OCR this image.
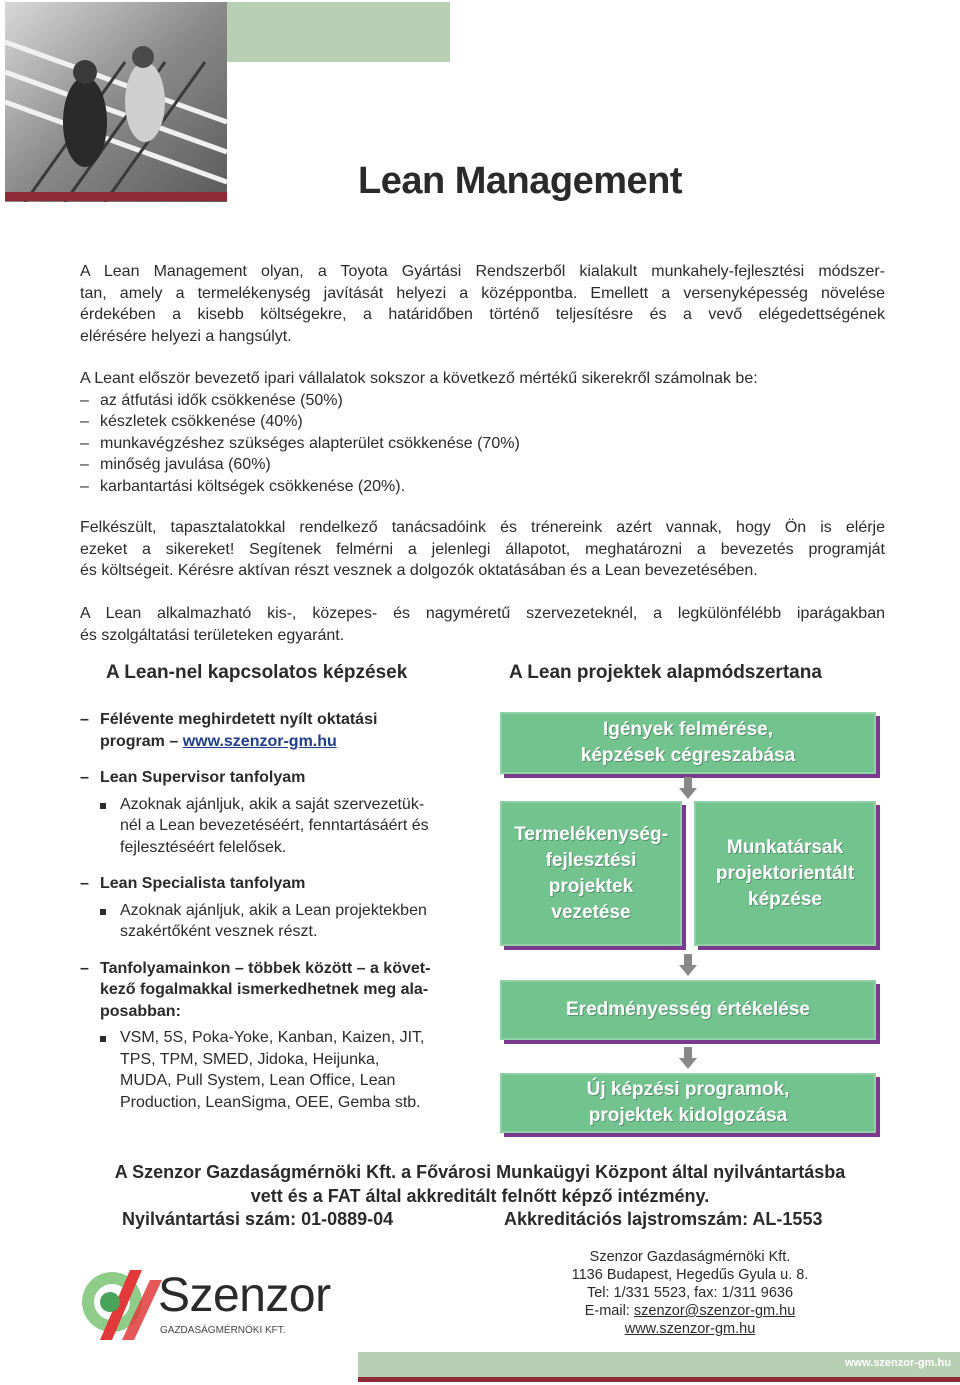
Lean Management
A Lean Management olyan, a Toyota Gyártási Rendszerből kialakult munkahely-fejlesztési módszer-
tan, amely a termelékenység javítását helyezi a középpontba. Emellett a versenyképesség növelése
érdekében a kisebb költségekre, a határidőben történő teljesítésre és a vevő elégedettségének
elérésére helyezi a hangsúlyt.
A Leant először bevezető ipari vállalatok sokszor a következő mértékű sikerekről számolnak be:
– az átfutási idők csökkenése (50%)
– készletek csökkenése (40%)
– munkavégzéshez szükséges alapterület csökkenése (70%)
– minőség javulása (60%)
– karbantartási költségek csökkenése (20%).
Felkészült, tapasztalatokkal rendelkező tanácsadóink és trénereink azért vannak, hogy Ön is elérje
ezeket a sikereket! Segítenek felmérni a jelenlegi állapotot, meghatározni a bevezetés programját
és költségeit. Kérésre aktívan részt vesznek a dolgozók oktatásában és a Lean bevezetésében.
A Lean alkalmazható kis-, közepes- és nagyméretű szervezeteknél, a legkülönfélébb iparágakban
és szolgáltatási területeken egyaránt.
A Lean-nel kapcsolatos képzések	A Lean projektek alapmódszertana
– Félévente meghirdetett nyílt oktatási
program – www.szenzor-gm.hu
– Lean Supervisor tanfolyam
Azoknak ajánljuk, akik a saját szervezetük-
nél a Lean bevezetéséért, fenntartásáért és
fejlesztéséért felelősek.
– Lean Specialista tanfolyam
Azoknak ajánljuk, akik a Lean projektekben
szakértőként vesznek részt.
– Tanfolyamainkon – többek között – a követ-
kező fogalmakkal ismerkedhetnek meg ala-
posabban:
VSM, 5S, Poka-Yoke, Kanban, Kaizen, JIT,
TPS, TPM, SMED, Jidoka, Heijunka,
MUDA, Pull System, Lean Office, Lean
Production, LeanSigma, OEE, Gemba stb.
Igények felmérése,
képzések cégreszabása
Termelékenység-
fejlesztési
projektek
vezetése
Munkatársak
projektorientált
képzése
Eredményesség értékelése
Új képzési programok,
projektek kidolgozása
A Szenzor Gazdaságmérnöki Kft. a Fővárosi Munkaügyi Központ által nyilvántartásba
vett és a FAT által akkreditált felnőtt képző intézmény.
Nyilvántartási szám: 01-0889-04	Akkreditációs lajstromszám: AL-1553
Szenzor
GAZDASÁGMÉRNÖKI KFT.
Szenzor Gazdaságmérnöki Kft.
1136 Budapest, Hegedűs Gyula u. 8.
Tel: 1/331 5523, fax: 1/311 9636
E-mail: szenzor@szenzor-gm.hu
www.szenzor-gm.hu
www.szenzor-gm.hu
